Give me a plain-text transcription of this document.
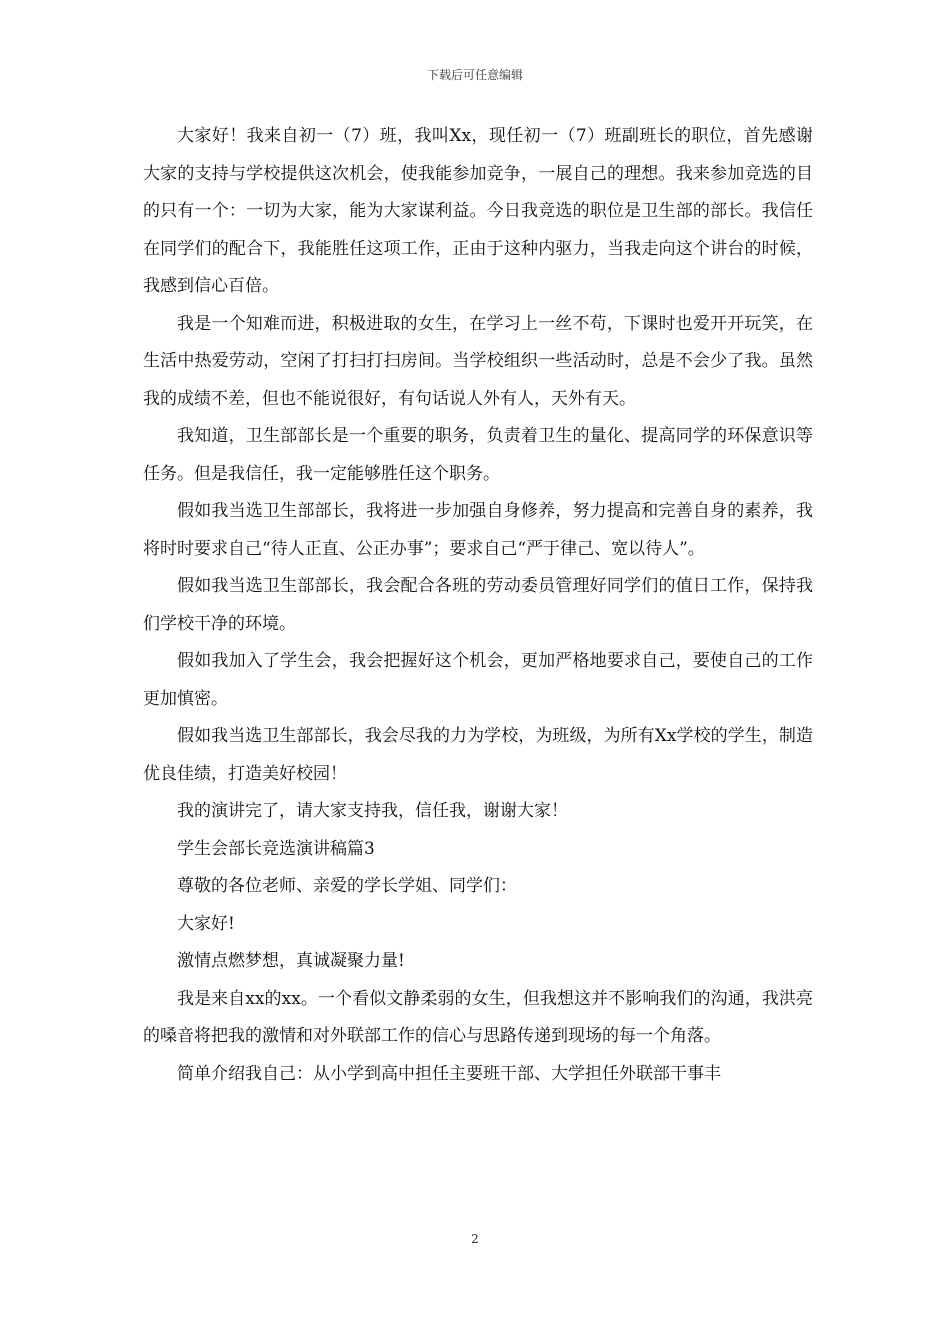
下载后可任意编辑

大家好！我来自初一（7）班，我叫Xx，现任初一（7）班副班长的职位，首先感谢大家的支持与学校提供这次机会，使我能参加竞争，一展自己的理想。我来参加竞选的目的只有一个：一切为大家，能为大家谋利益。今日我竞选的职位是卫生部的部长。我信任在同学们的配合下，我能胜任这项工作，正由于这种内驱力，当我走向这个讲台的时候，我感到信心百倍。

我是一个知难而进，积极进取的女生，在学习上一丝不苟，下课时也爱开开玩笑，在生活中热爱劳动，空闲了打扫打扫房间。当学校组织一些活动时，总是不会少了我。虽然我的成绩不差，但也不能说很好，有句话说人外有人，天外有天。

我知道，卫生部部长是一个重要的职务，负责着卫生的量化、提高同学的环保意识等任务。但是我信任，我一定能够胜任这个职务。

假如我当选卫生部部长，我将进一步加强自身修养，努力提高和完善自身的素养，我将时时要求自己“待人正直、公正办事”；要求自己“严于律己、宽以待人”。

假如我当选卫生部部长，我会配合各班的劳动委员管理好同学们的值日工作，保持我们学校干净的环境。

假如我加入了学生会，我会把握好这个机会，更加严格地要求自己，要使自己的工作更加慎密。

假如我当选卫生部部长，我会尽我的力为学校，为班级，为所有Xx学校的学生，制造优良佳绩，打造美好校园！

我的演讲完了，请大家支持我，信任我，谢谢大家！

学生会部长竞选演讲稿篇3

尊敬的各位老师、亲爱的学长学姐、同学们：

大家好!

激情点燃梦想，真诚凝聚力量!

我是来自xx的xx。一个看似文静柔弱的女生，但我想这并不影响我们的沟通，我洪亮的嗓音将把我的激情和对外联部工作的信心与思路传递到现场的每一个角落。

简单介绍我自己：从小学到高中担任主要班干部、大学担任外联部干事丰

2
